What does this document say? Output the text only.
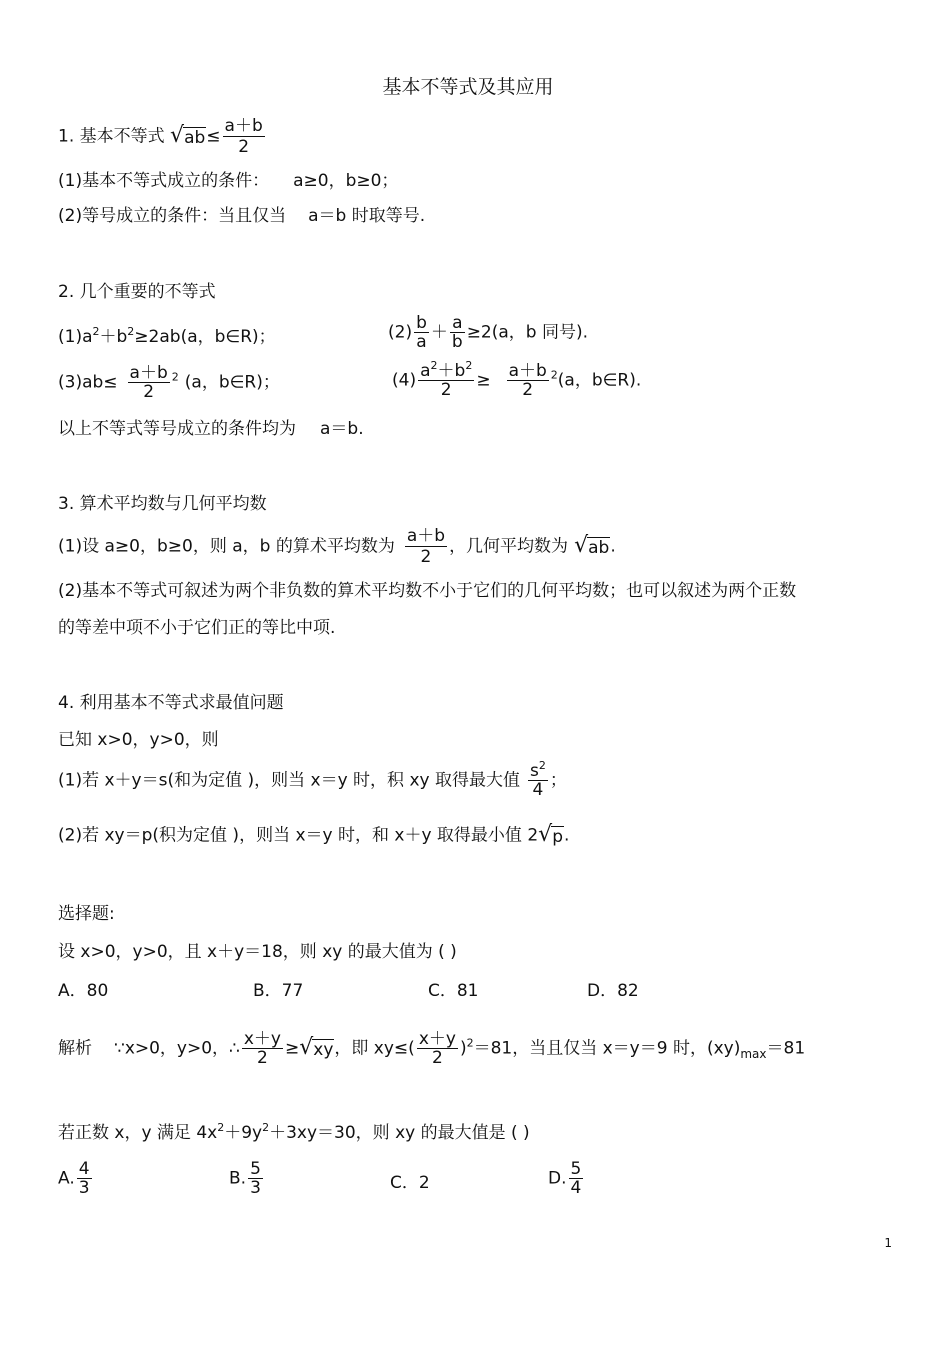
基本不等式及其应用
1. 基本不等式 √ ab ≤ $\frac{a+b}{2}$
(1)基本不等式成立的条件： a≥0，b≥0；
(2)等号成立的条件：当且仅当 a＝b 时取等号.
2. 几个重要的不等式
$(1)a^2+b^2\ge 2ab(a$，b∈R)；	$(2) \frac{b}{a} + \frac{a}{b} \ge 2(a$，b 同号).
$(3)ab\le \frac{a+b}{2} ^2$ (a，b∈R)；	$(4) \frac{a^2+b^2}{2} \ge \frac{a+b}{2} ^2(a$，b∈R).
以上不等式等号成立的条件均为 a＝b.
3. 算术平均数与几何平均数
(1)设 a≥0，b≥0，则 a，b 的算术平均数为 $\frac{a+b}{2}$ ，几何平均数为 √ ab .
(2)基本不等式可叙述为两个非负数的算术平均数不小于它们的几何平均数；也可以叙述为两个正数
的等差中项不小于它们正的等比中项.
4. 利用基本不等式求最值问题
已知 x>0，y>0，则
(1)若 x＋y＝s(和为定值 )，则当 x＝y 时，积 xy 取得最大值 $\frac{s^2}{4}$ ；
(2)若 xy＝p(积为定值 )，则当 x＝y 时，和 x＋y 取得最小值 2 √ p .
选择题:
设 x>0，y>0，且 x＋y＝18，则 xy 的最大值为 ( )
A．80	B．77	C．81	D．82
解析 ∵x>0，y>0，∴ $\frac{x+y}{2}$ ≥ √ xy ，即 $xy\le( \frac{x+y}{2} )^2=81$，当且仅当 x＝y＝9 时，$(xy)_{max}=81$
若正数 x，y 满足 $4x^2+9y^2+3xy=30$，则 xy 的最大值是 ( )
A. $\frac{4}{3}$	B. $\frac{5}{3}$	C．2	D. $\frac{5}{4}$
1
